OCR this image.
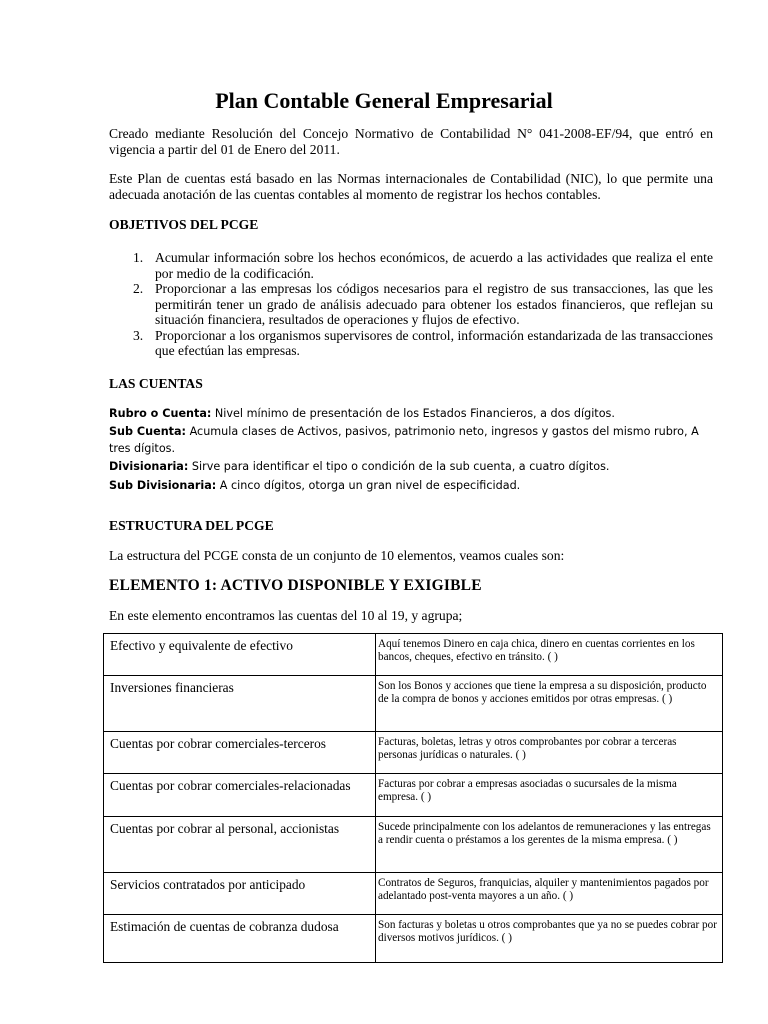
Plan Contable General Empresarial

Creado mediante Resolución del Concejo Normativo de Contabilidad N° 041-2008-EF/94, que entró en vigencia a partir del 01 de Enero del 2011.

Este Plan de cuentas está basado en las Normas internacionales de Contabilidad (NIC), lo que permite una adecuada anotación de las cuentas contables al momento de registrar los hechos contables.

OBJETIVOS DEL PCGE

1. Acumular información sobre los hechos económicos, de acuerdo a las actividades que realiza el ente por medio de la codificación.
2. Proporcionar a las empresas los códigos necesarios para el registro de sus transacciones, las que les permitirán tener un grado de análisis adecuado para obtener los estados financieros, que reflejan su situación financiera, resultados de operaciones y flujos de efectivo.
3. Proporcionar a los organismos supervisores de control, información estandarizada de las transacciones que efectúan las empresas.

LAS CUENTAS

Rubro o Cuenta: Nivel mínimo de presentación de los Estados Financieros, a dos dígitos.
Sub Cuenta: Acumula clases de Activos, pasivos, patrimonio neto, ingresos y gastos del mismo rubro, A tres dígitos.
Divisionaria: Sirve para identificar el tipo o condición de la sub cuenta, a cuatro dígitos.
Sub Divisionaria: A cinco dígitos, otorga un gran nivel de especificidad.

ESTRUCTURA DEL PCGE

La estructura del PCGE consta de un conjunto de 10 elementos, veamos cuales son:

ELEMENTO 1: ACTIVO DISPONIBLE Y EXIGIBLE

En este elemento encontramos las cuentas del 10 al 19, y agrupa;

Efectivo y equivalente de efectivo	Aquí tenemos Dinero en caja chica, dinero en cuentas corrientes en los bancos, cheques, efectivo en tránsito. ( )
Inversiones financieras	Son los Bonos y acciones que tiene la empresa a su disposición, producto de la compra de bonos y acciones emitidos por otras empresas. ( )
Cuentas por cobrar comerciales-terceros	Facturas, boletas, letras y otros comprobantes por cobrar a terceras personas jurídicas o naturales. ( )
Cuentas por cobrar comerciales-relacionadas	Facturas por cobrar a empresas asociadas o sucursales de la misma empresa. ( )
Cuentas por cobrar al personal, accionistas	Sucede principalmente con los adelantos de remuneraciones y las entregas a rendir cuenta o préstamos a los gerentes de la misma empresa. ( )
Servicios contratados por anticipado	Contratos de Seguros, franquicias, alquiler y mantenimientos pagados por adelantado post-venta mayores a un año. ( )
Estimación de cuentas de cobranza dudosa	Son facturas y boletas u otros comprobantes que ya no se puedes cobrar por diversos motivos jurídicos. ( )
